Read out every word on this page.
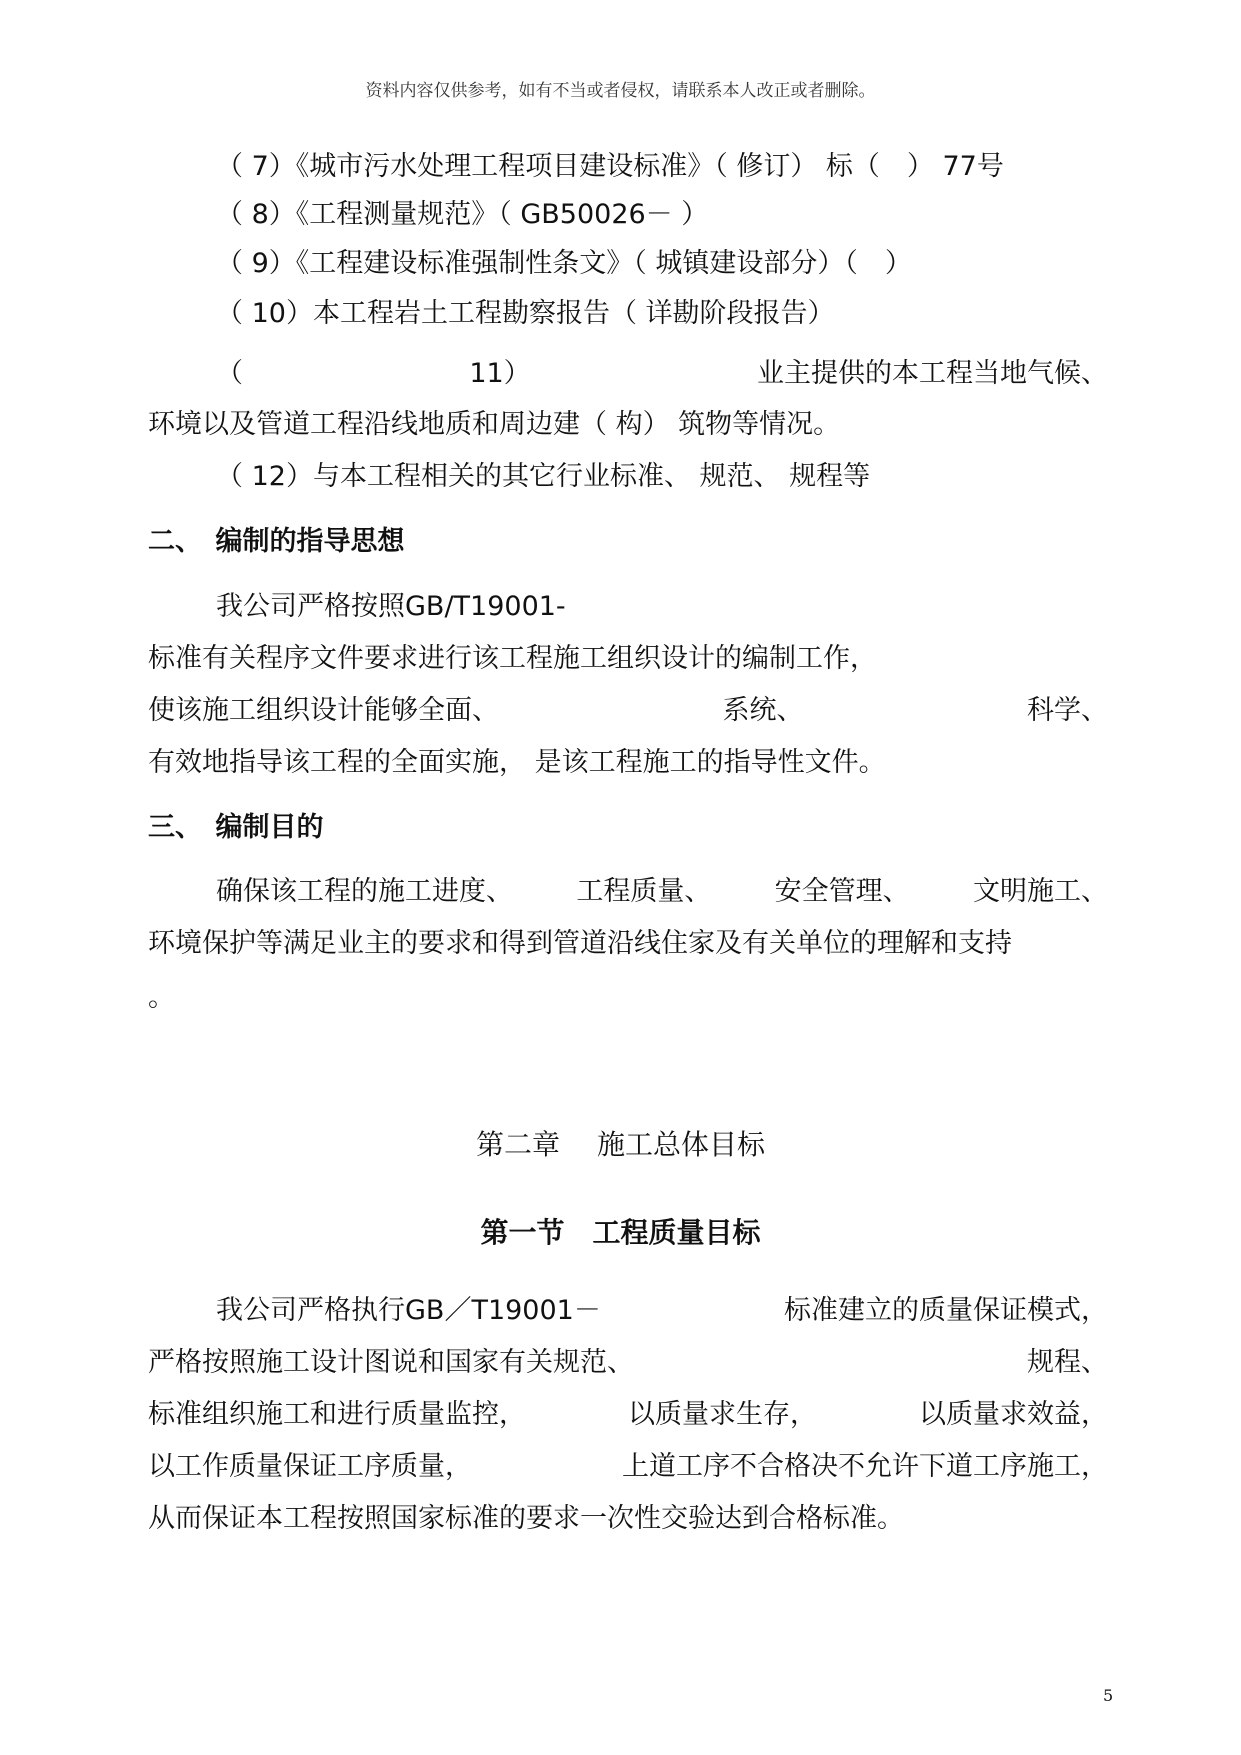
资料内容仅供参考，如有不当或者侵权，请联系本人改正或者删除。
（ 7）《城市污水处理工程项目建设标准》（ 修订） 标（　） 77号
（ 8）《工程测量规范》（ GB50026－ ）
（ 9）《工程建设标准强制性条文》（ 城镇建设部分）（　）
（ 10）本工程岩土工程勘察报告（ 详勘阶段报告）
（	11）	业主提供的本工程当地气候、
环境以及管道工程沿线地质和周边建（ 构） 筑物等情况。
（ 12）与本工程相关的其它行业标准、 规范、 规程等
二、　编制的指导思想
我公司严格按照GB/T19001-
标准有关程序文件要求进行该工程施工组织设计的编制工作，
使该施工组织设计能够全面、	系统、	科学、
有效地指导该工程的全面实施， 是该工程施工的指导性文件。
三、　编制目的
确保该工程的施工进度、 工程质量、 安全管理、 文明施工、
环境保护等满足业主的要求和得到管道沿线住家及有关单位的理解和支持
。
第二章　 施工总体目标
第一节　工程质量目标
我公司严格执行GB／T19001－	标准建立的质量保证模式，
严格按照施工设计图说和国家有关规范、	规程、
标准组织施工和进行质量监控，	以质量求生存，	以质量求效益，
以工作质量保证工序质量，	上道工序不合格决不允许下道工序施工，
从而保证本工程按照国家标准的要求一次性交验达到合格标准。
5
